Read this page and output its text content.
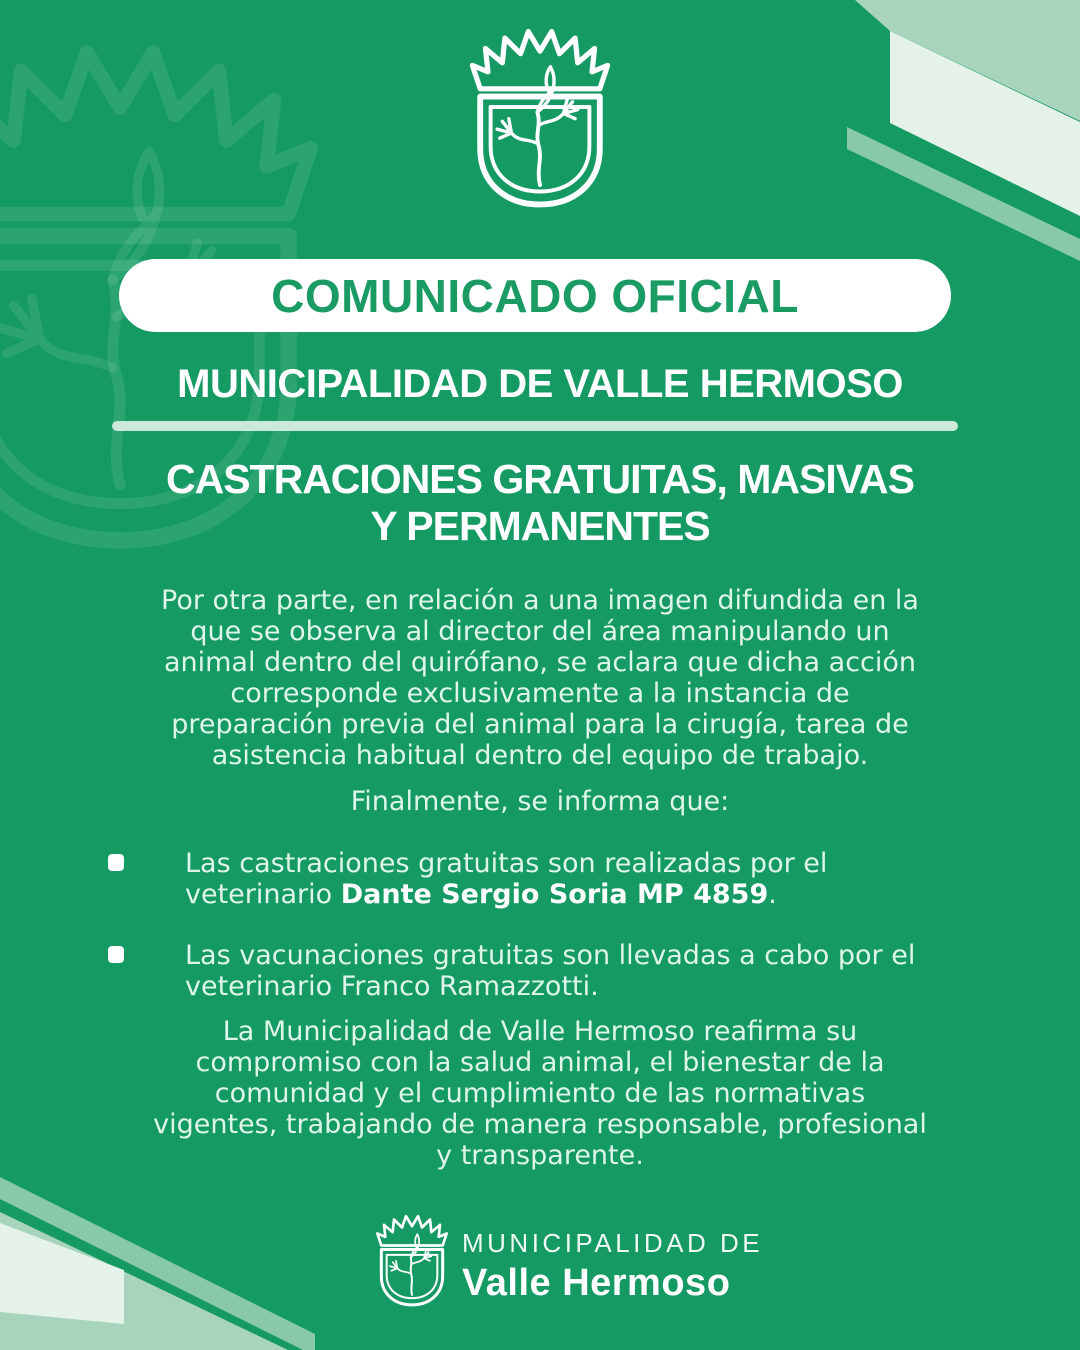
COMUNICADO OFICIAL
MUNICIPALIDAD DE VALLE HERMOSO
CASTRACIONES GRATUITAS, MASIVAS
Y PERMANENTES
Por otra parte, en relación a una imagen difundida en la
que se observa al director del área manipulando un
animal dentro del quirófano, se aclara que dicha acción
corresponde exclusivamente a la instancia de
preparación previa del animal para la cirugía, tarea de
asistencia habitual dentro del equipo de trabajo.
Finalmente, se informa que:
Las castraciones gratuitas son realizadas por el veterinario Dante Sergio Soria MP 4859.
Las vacunaciones gratuitas son llevadas a cabo por el veterinario Franco Ramazzotti.
La Municipalidad de Valle Hermoso reafirma su
compromiso con la salud animal, el bienestar de la
comunidad y el cumplimiento de las normativas
vigentes, trabajando de manera responsable, profesional
y transparente.
MUNICIPALIDAD DE
Valle Hermoso
